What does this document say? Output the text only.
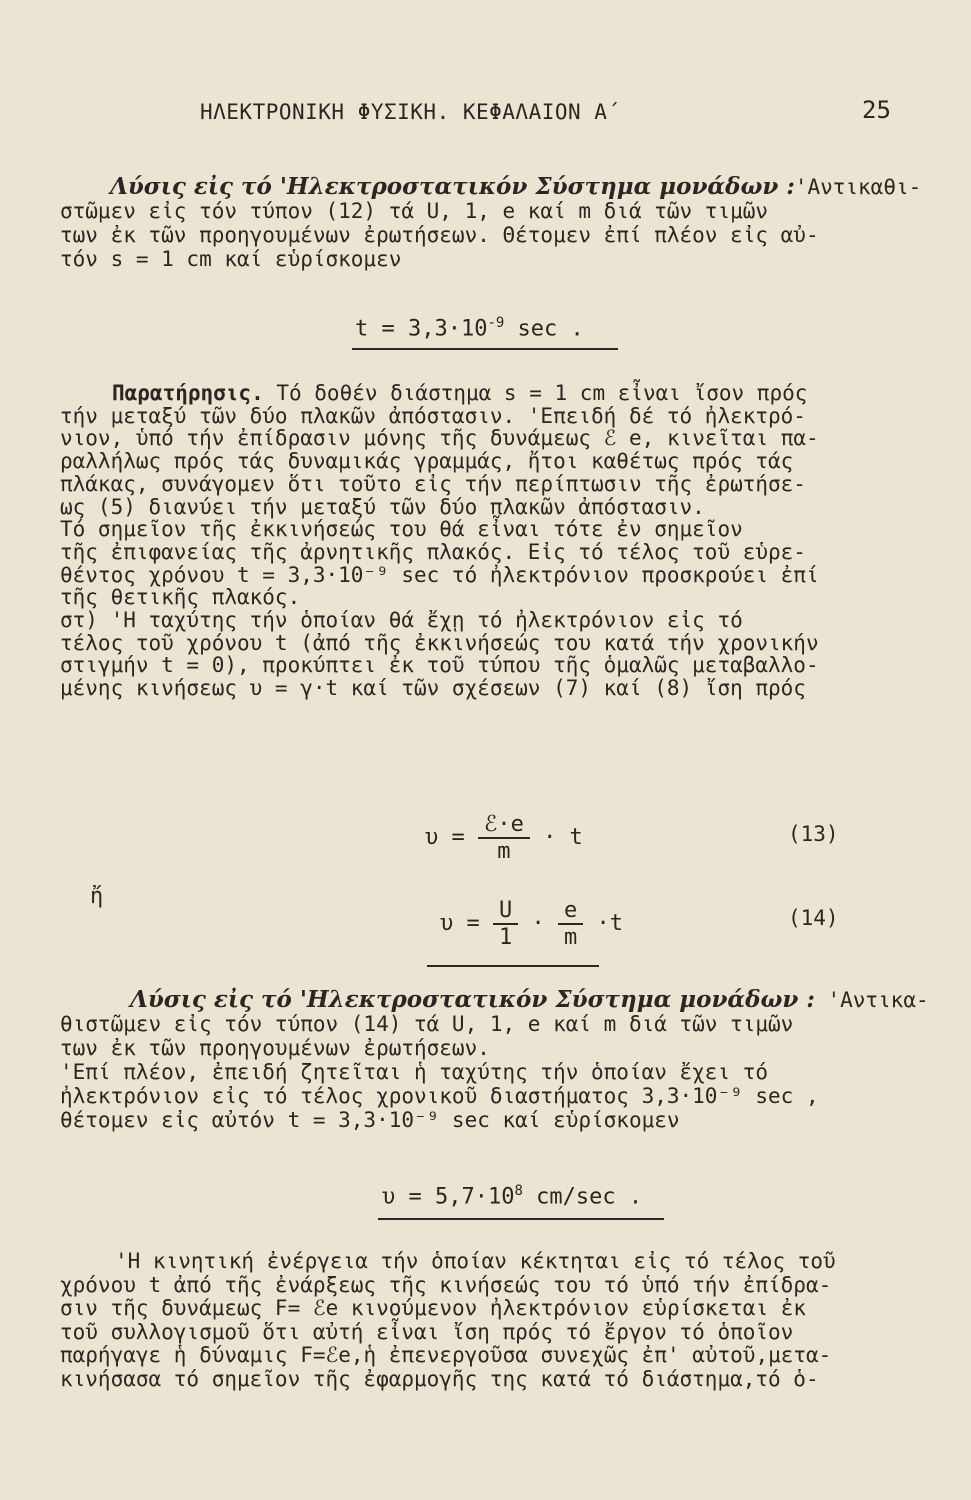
ΗΛΕΚΤΡΟΝΙΚΗ ΦΥΣΙΚΗ. ΚΕΦΑΛΑΙΟΝ Α΄	25
Λύσις εἰς τό 'Ηλεκτροστατικόν Σύστημα μονάδων :'Αντικαθι-
στῶμεν εἰς τόν τύπον (12) τά U, 1, e καί m διά τῶν τιμῶν
των ἐκ τῶν προηγουμένων ἐρωτήσεων. Θέτομεν ἐπί πλέον εἰς αὐ-
τόν s = 1 cm καί εὑρίσκομεν
$t = 3,3\cdot 10^{-9}$ sec .
Παρατήρησις. Τό δοθέν διάστημα s = 1 cm εἶναι ἴσον πρός
τήν μεταξύ τῶν δύο πλακῶν ἀπόστασιν. 'Επειδή δέ τό ἠλεκτρό-
νιον, ὑπό τήν ἐπίδρασιν μόνης τῆς δυνάμεως ℰ e, κινεῖται πα-
ραλλήλως πρός τάς δυναμικάς γραμμάς, ἤτοι καθέτως πρός τάς
πλάκας, συνάγομεν ὅτι τοῦτο εἰς τήν περίπτωσιν τῆς ἐρωτήσε-
ως (5) διανύει τήν μεταξύ τῶν δύο πλακῶν ἀπόστασιν.
Τό σημεῖον τῆς ἐκκινήσεώς του θά εἶναι τότε ἐν σημεῖον
τῆς ἐπιφανείας τῆς ἀρνητικῆς πλακός. Εἰς τό τέλος τοῦ εὑρε-
θέντος χρόνου t = 3,3·10⁻⁹ sec τό ἠλεκτρόνιον προσκρούει ἐπί
τῆς θετικῆς πλακός.
στ) 'Η ταχύτης τήν ὁποίαν θά ἔχῃ τό ἠλεκτρόνιον εἰς τό
τέλος τοῦ χρόνου t (ἀπό τῆς ἐκκινήσεώς του κατά τήν χρονικήν
στιγμήν t = 0), προκύπτει ἐκ τοῦ τύπου τῆς ὁμαλῶς μεταβαλλο-
μένης κινήσεως υ = γ·t καί τῶν σχέσεων (7) καί (8) ἴση πρός
$\upsilon = \frac{\text{ℰ·e}}{m} \cdot t$	(13)
ἤ
$\upsilon = \frac{U}{1} \cdot \frac{e}{m} \cdot t$	(14)
Λύσις εἰς τό 'Ηλεκτροστατικόν Σύστημα μονάδων : 'Αντικα-
θιστῶμεν εἰς τόν τύπον (14) τά U, 1, e καί m διά τῶν τιμῶν
των ἐκ τῶν προηγουμένων ἐρωτήσεων.
'Επί πλέον, ἐπειδή ζητεῖται ἡ ταχύτης τήν ὁποίαν ἔχει τό
ἠλεκτρόνιον εἰς τό τέλος χρονικοῦ διαστήματος 3,3·10⁻⁹ sec ,
θέτομεν εἰς αὐτόν t = 3,3·10⁻⁹ sec καί εὑρίσκομεν
$\upsilon = 5,7\cdot 10^8$ cm/sec .
'Η κινητική ἐνέργεια τήν ὁποίαν κέκτηται εἰς τό τέλος τοῦ
χρόνου t ἀπό τῆς ἐνάρξεως τῆς κινήσεώς του τό ὑπό τήν ἐπίδρα-
σιν τῆς δυνάμεως F= ℰe κινούμενον ἠλεκτρόνιον εὑρίσκεται ἐκ
τοῦ συλλογισμοῦ ὅτι αὐτή εἶναι ἴση πρός τό ἔργον τό ὁποῖον
παρήγαγε ἡ δύναμις F=ℰe,ἡ ἐπενεργοῦσα συνεχῶς ἐπ' αὐτοῦ,μετα-
κινήσασα τό σημεῖον τῆς ἐφαρμογῆς της κατά τό διάστημα,τό ὁ-
